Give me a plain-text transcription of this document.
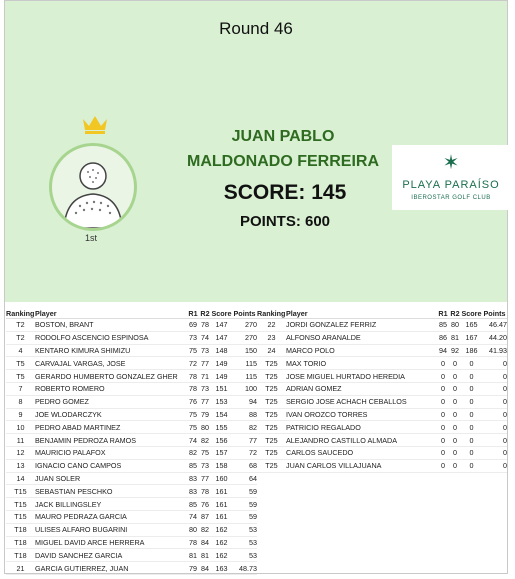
Round 46
1st
JUAN PABLO
MALDONADO FERREIRA
SCORE: 145
POINTS: 600
✶
PLAYA PARAÍSO
IBEROSTAR GOLF CLUB
Ranking	Player	R1	R2	Score	Points
T2	BOSTON, BRANT	69	78	147	270
T2	RODOLFO ASCENCIO ESPINOSA	73	74	147	270
4	KENTARO KIMURA SHIMIZU	75	73	148	150
T5	CARVAJAL VARGAS, JOSE	72	77	149	115
T5	GERARDO HUMBERTO GONZALEZ GHER	78	71	149	115
7	ROBERTO ROMERO	78	73	151	100
8	PEDRO GOMEZ	76	77	153	94
9	JOE WLODARCZYK	75	79	154	88
10	PEDRO ABAD MARTINEZ	75	80	155	82
11	BENJAMIN PEDROZA RAMOS	74	82	156	77
12	MAURICIO PALAFOX	82	75	157	72
13	IGNACIO CANO CAMPOS	85	73	158	68
14	JUAN SOLER	83	77	160	64
T15	SEBASTIAN PESCHKO	83	78	161	59
T15	JACK BILLINGSLEY	85	76	161	59
T15	MAURO PEDRAZA GARCIA	74	87	161	59
T18	ULISES ALFARO BUGARINI	80	82	162	53
T18	MIGUEL DAVID ARCE HERRERA	78	84	162	53
T18	DAVID SANCHEZ GARCIA	81	81	162	53
21	GARCIA GUTIERREZ, JUAN	79	84	163	48.73
Ranking	Player	R1	R2	Score	Points
22	JORDI GONZALEZ FERRIZ	85	80	165	46.47
23	ALFONSO ARANALDE	86	81	167	44.20
24	MARCO POLO	94	92	186	41.93
T25	MAX TORIO	0	0	0	0
T25	JOSE MIGUEL HURTADO HEREDIA	0	0	0	0
T25	ADRIAN GOMEZ	0	0	0	0
T25	SERGIO JOSE ACHACH CEBALLOS	0	0	0	0
T25	IVAN OROZCO TORRES	0	0	0	0
T25	PATRICIO REGALADO	0	0	0	0
T25	ALEJANDRO CASTILLO ALMADA	0	0	0	0
T25	CARLOS SAUCEDO	0	0	0	0
T25	JUAN CARLOS VILLAJUANA	0	0	0	0
